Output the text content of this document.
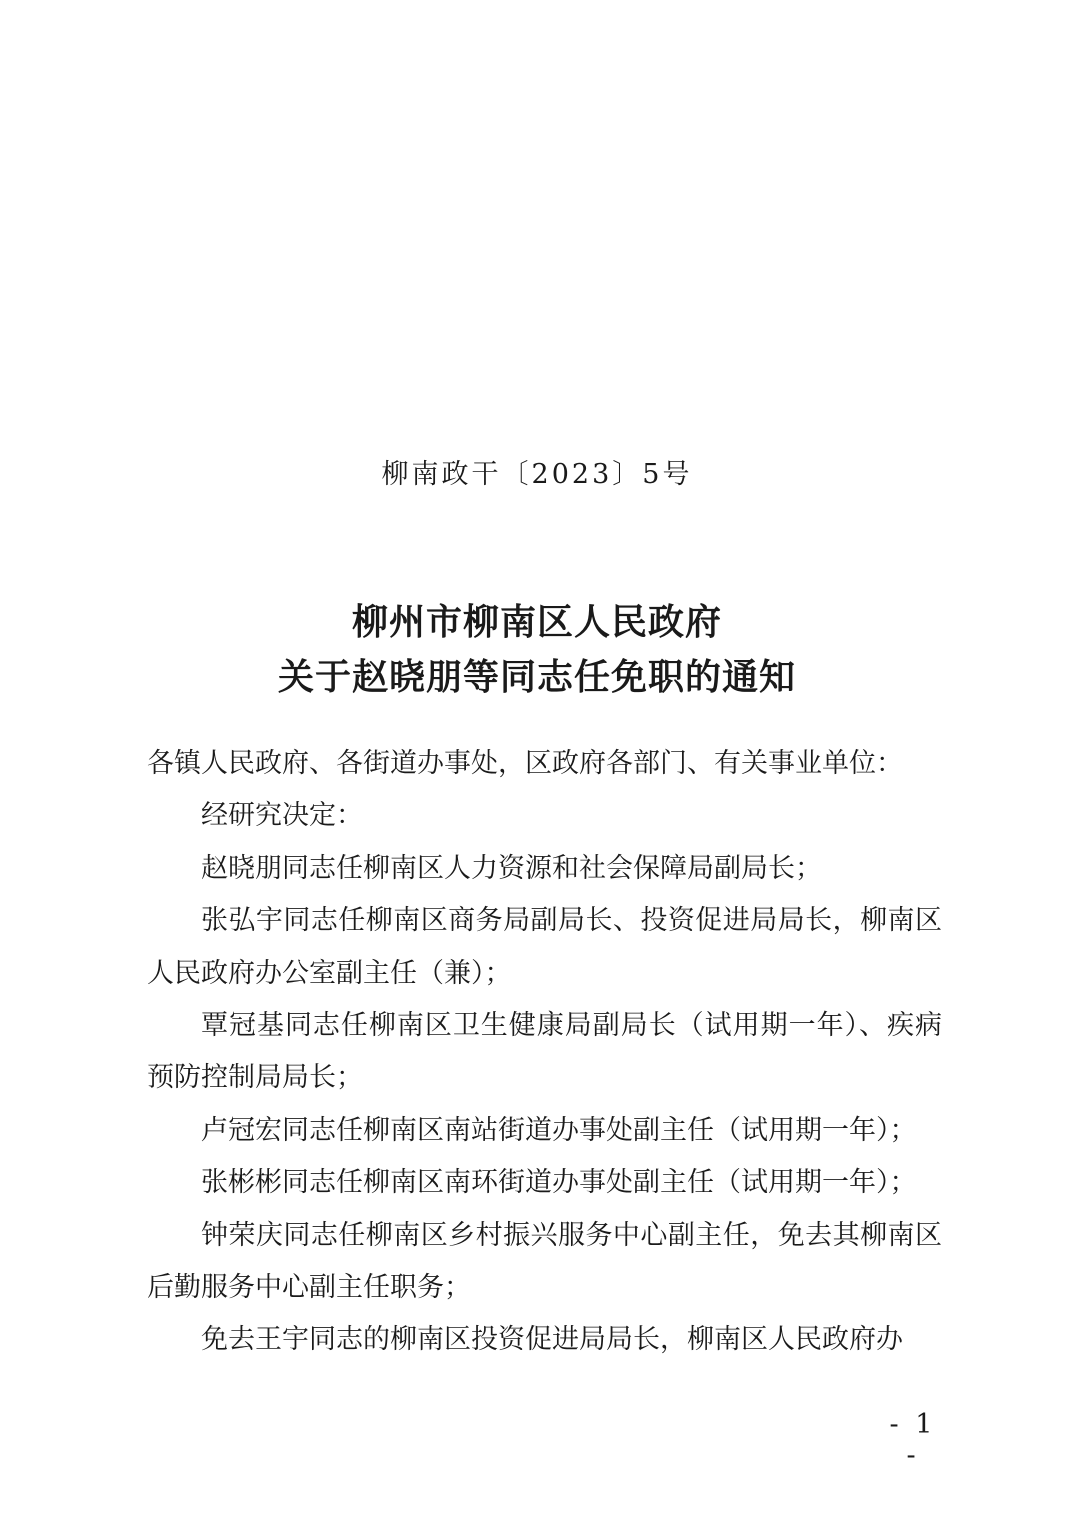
柳南政干〔2023〕5号
柳州市柳南区人民政府
关于赵晓朋等同志任免职的通知

各镇人民政府、各街道办事处，区政府各部门、有关事业单位：

经研究决定：

赵晓朋同志任柳南区人力资源和社会保障局副局长；

张弘宇同志任柳南区商务局副局长、投资促进局局长，柳南区人民政府办公室副主任（兼）；

覃冠基同志任柳南区卫生健康局副局长（试用期一年）、疾病预防控制局局长；

卢冠宏同志任柳南区南站街道办事处副主任（试用期一年）；

张彬彬同志任柳南区南环街道办事处副主任（试用期一年）；

钟荣庆同志任柳南区乡村振兴服务中心副主任，免去其柳南区后勤服务中心副主任职务；

免去王宇同志的柳南区投资促进局局长，柳南区人民政府办

- 1 -
